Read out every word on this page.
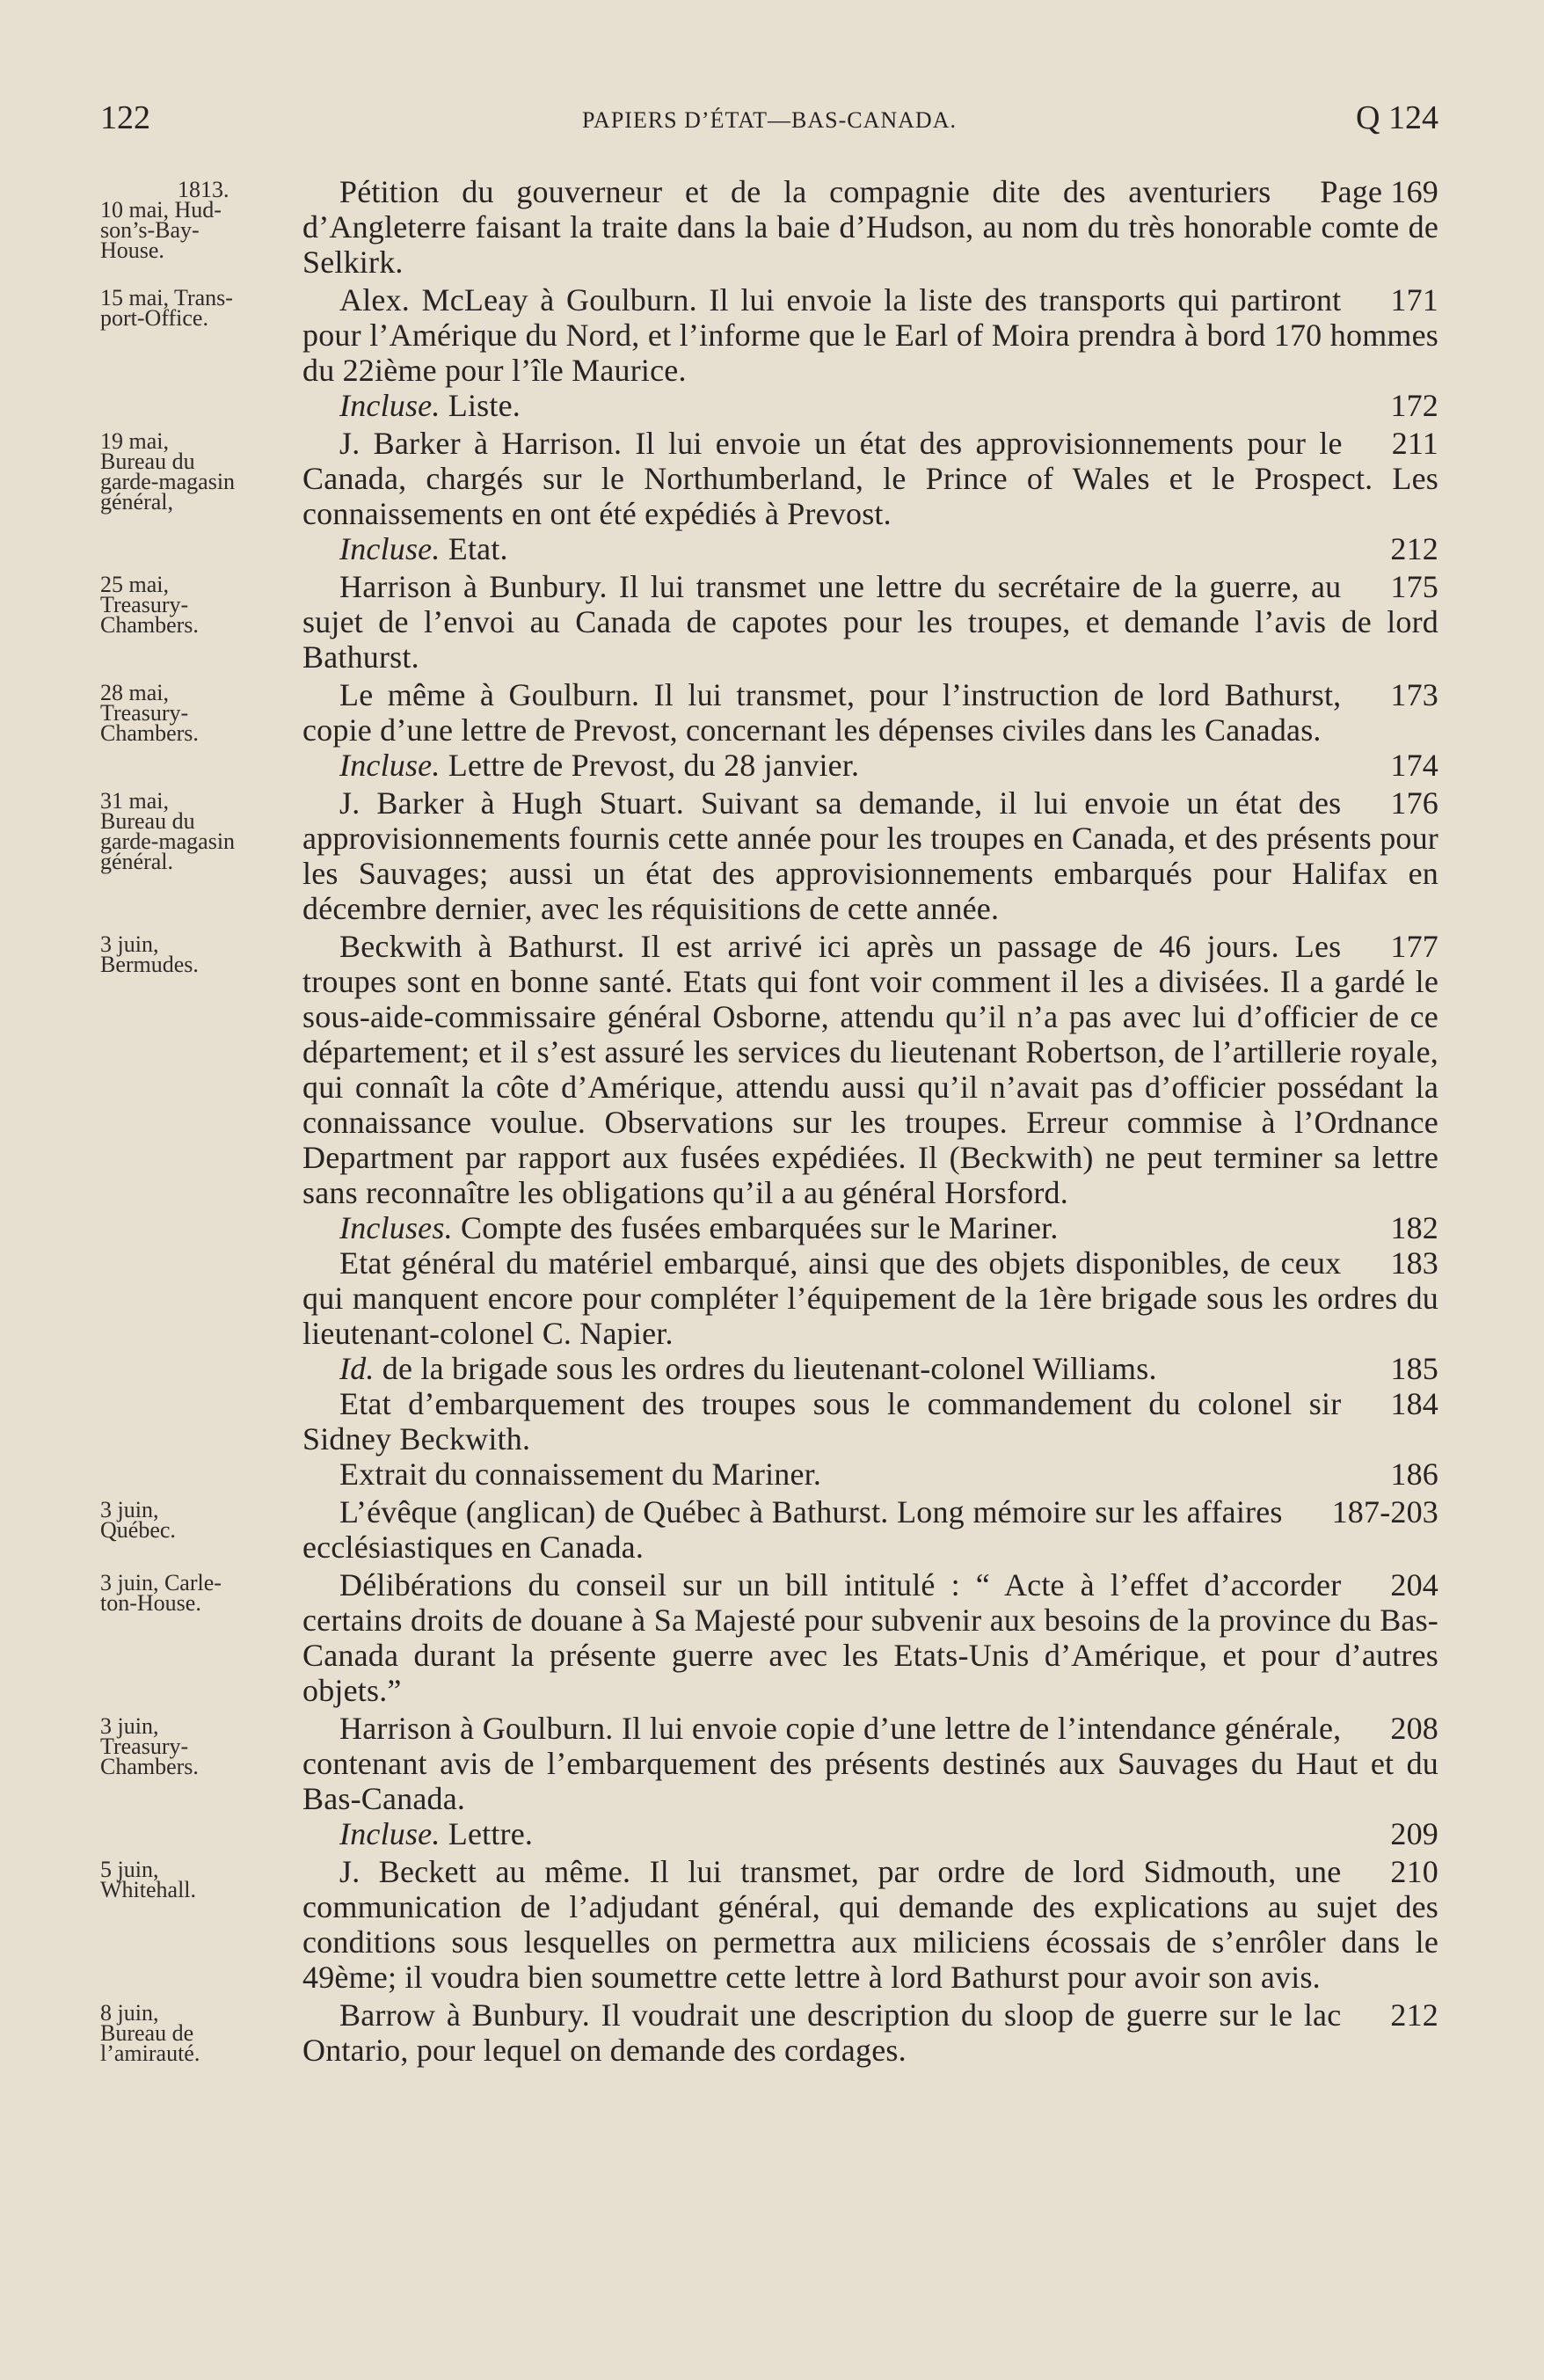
122	PAPIERS D’ÉTAT—BAS-CANADA.	Q 124
1813.
10 mai, Hud-
son’s-Bay-
House.

Page 169
Pétition du gouverneur et de la compagnie dite des aventuriers d’Angleterre faisant la traite dans la baie d’Hudson, au nom du très honorable comte de Selkirk.

15 mai, Trans-
port-Office.

171
Alex. McLeay à Goulburn. Il lui envoie la liste des transports qui partiront pour l’Amérique du Nord, et l’informe que le Earl of Moira prendra à bord 170 hommes du 22ième pour l’île Maurice.

172
Incluse. Liste.

19 mai,
Bureau du
garde-magasin
général,

211
J. Barker à Harrison. Il lui envoie un état des approvisionnements pour le Canada, chargés sur le Northumberland, le Prince of Wales et le Prospect. Les connaissements en ont été expédiés à Prevost.

212
Incluse. Etat.

25 mai,
Treasury-
Chambers.

175
Harrison à Bunbury. Il lui transmet une lettre du secrétaire de la guerre, au sujet de l’envoi au Canada de capotes pour les troupes, et demande l’avis de lord Bathurst.

28 mai,
Treasury-
Chambers.

173
Le même à Goulburn. Il lui transmet, pour l’instruction de lord Bathurst, copie d’une lettre de Prevost, concernant les dépenses civiles dans les Canadas.

174
Incluse. Lettre de Prevost, du 28 janvier.

31 mai,
Bureau du
garde-magasin
général.

176
J. Barker à Hugh Stuart. Suivant sa demande, il lui envoie un état des approvisionnements fournis cette année pour les troupes en Canada, et des présents pour les Sauvages; aussi un état des approvisionnements embarqués pour Halifax en décembre dernier, avec les réquisitions de cette année.

3 juin,
Bermudes.

177
Beckwith à Bathurst. Il est arrivé ici après un passage de 46 jours. Les troupes sont en bonne santé. Etats qui font voir comment il les a divisées. Il a gardé le sous-aide-commissaire général Osborne, attendu qu’il n’a pas avec lui d’officier de ce département; et il s’est assuré les services du lieutenant Robertson, de l’artillerie royale, qui connaît la côte d’Amérique, attendu aussi qu’il n’avait pas d’officier possédant la connaissance voulue. Observations sur les troupes. Erreur commise à l’Ordnance Department par rapport aux fusées expédiées. Il (Beckwith) ne peut terminer sa lettre sans reconnaître les obligations qu’il a au général Horsford.

182
Incluses. Compte des fusées embarquées sur le Mariner.

183
Etat général du matériel embarqué, ainsi que des objets disponibles, de ceux qui manquent encore pour compléter l’équipement de la 1ère brigade sous les ordres du lieutenant-colonel C. Napier.

185
Id. de la brigade sous les ordres du lieutenant-colonel Williams.

184
Etat d’embarquement des troupes sous le commandement du colonel sir Sidney Beckwith.

186
Extrait du connaissement du Mariner.

3 juin,
Québec.

187-203
L’évêque (anglican) de Québec à Bathurst. Long mémoire sur les affaires ecclésiastiques en Canada.

3 juin, Carle-
ton-House.

204
Délibérations du conseil sur un bill intitulé : “ Acte à l’effet d’accorder certains droits de douane à Sa Majesté pour subvenir aux besoins de la province du Bas-Canada durant la présente guerre avec les Etats-Unis d’Amérique, et pour d’autres objets.”

3 juin,
Treasury-
Chambers.

208
Harrison à Goulburn. Il lui envoie copie d’une lettre de l’intendance générale, contenant avis de l’embarquement des présents destinés aux Sauvages du Haut et du Bas-Canada.

209
Incluse. Lettre.

5 juin,
Whitehall.

210
J. Beckett au même. Il lui transmet, par ordre de lord Sidmouth, une communication de l’adjudant général, qui demande des explications au sujet des conditions sous lesquelles on permettra aux miliciens écossais de s’enrôler dans le 49ème; il voudra bien soumettre cette lettre à lord Bathurst pour avoir son avis.

8 juin,
Bureau de
l’amirauté.

212
Barrow à Bunbury. Il voudrait une description du sloop de guerre sur le lac Ontario, pour lequel on demande des cordages.
